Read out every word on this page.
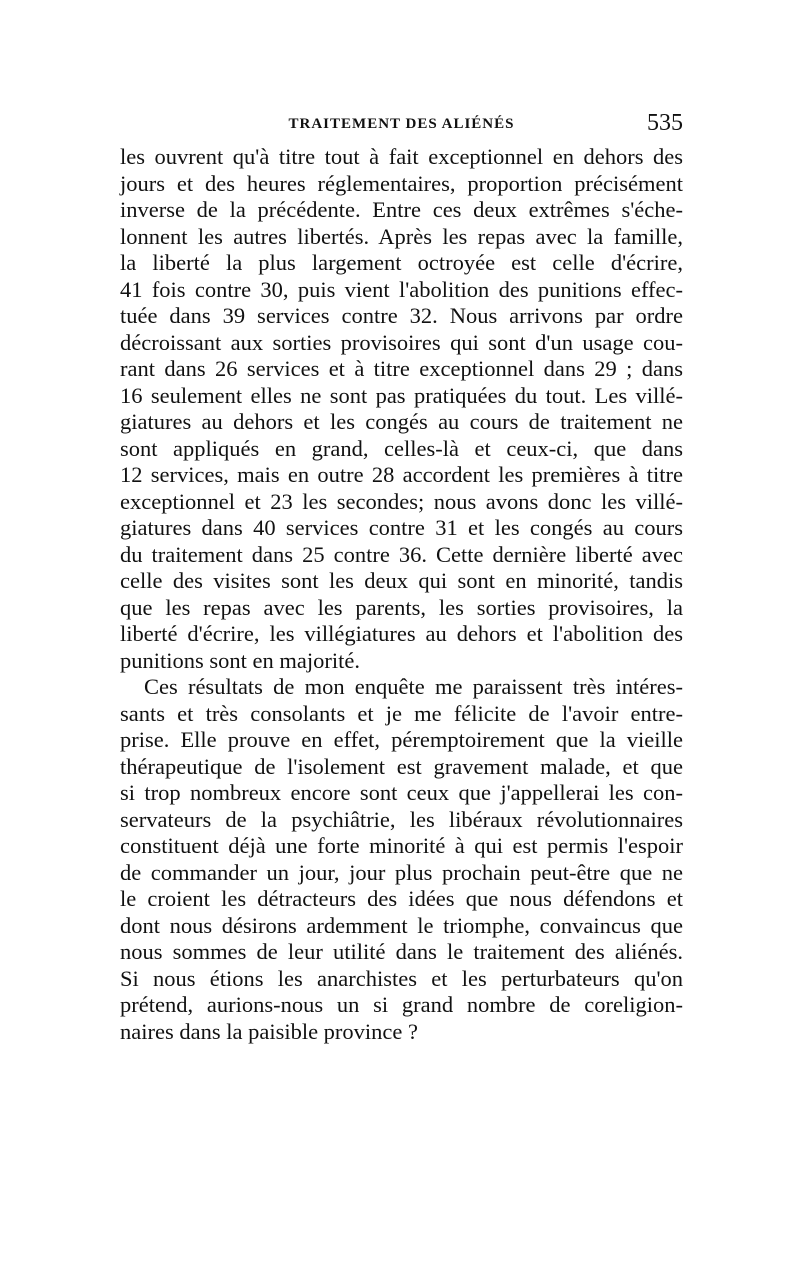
TRAITEMENT DES ALIÉNÉS	535
les ouvrent qu'à titre tout à fait exceptionnel en dehors des
jours et des heures réglementaires, proportion précisément
inverse de la précédente. Entre ces deux extrêmes s'éche-
lonnent les autres libertés. Après les repas avec la famille,
la liberté la plus largement octroyée est celle d'écrire,
41 fois contre 30, puis vient l'abolition des punitions effec-
tuée dans 39 services contre 32. Nous arrivons par ordre
décroissant aux sorties provisoires qui sont d'un usage cou-
rant dans 26 services et à titre exceptionnel dans 29 ; dans
16 seulement elles ne sont pas pratiquées du tout. Les villé-
giatures au dehors et les congés au cours de traitement ne
sont appliqués en grand, celles-là et ceux-ci, que dans
12 services, mais en outre 28 accordent les premières à titre
exceptionnel et 23 les secondes; nous avons donc les villé-
giatures dans 40 services contre 31 et les congés au cours
du traitement dans 25 contre 36. Cette dernière liberté avec
celle des visites sont les deux qui sont en minorité, tandis
que les repas avec les parents, les sorties provisoires, la
liberté d'écrire, les villégiatures au dehors et l'abolition des
punitions sont en majorité.
Ces résultats de mon enquête me paraissent très intéres-
sants et très consolants et je me félicite de l'avoir entre-
prise. Elle prouve en effet, péremptoirement que la vieille
thérapeutique de l'isolement est gravement malade, et que
si trop nombreux encore sont ceux que j'appellerai les con-
servateurs de la psychiâtrie, les libéraux révolutionnaires
constituent déjà une forte minorité à qui est permis l'espoir
de commander un jour, jour plus prochain peut-être que ne
le croient les détracteurs des idées que nous défendons et
dont nous désirons ardemment le triomphe, convaincus que
nous sommes de leur utilité dans le traitement des aliénés.
Si nous étions les anarchistes et les perturbateurs qu'on
prétend, aurions-nous un si grand nombre de coreligion-
naires dans la paisible province ?
